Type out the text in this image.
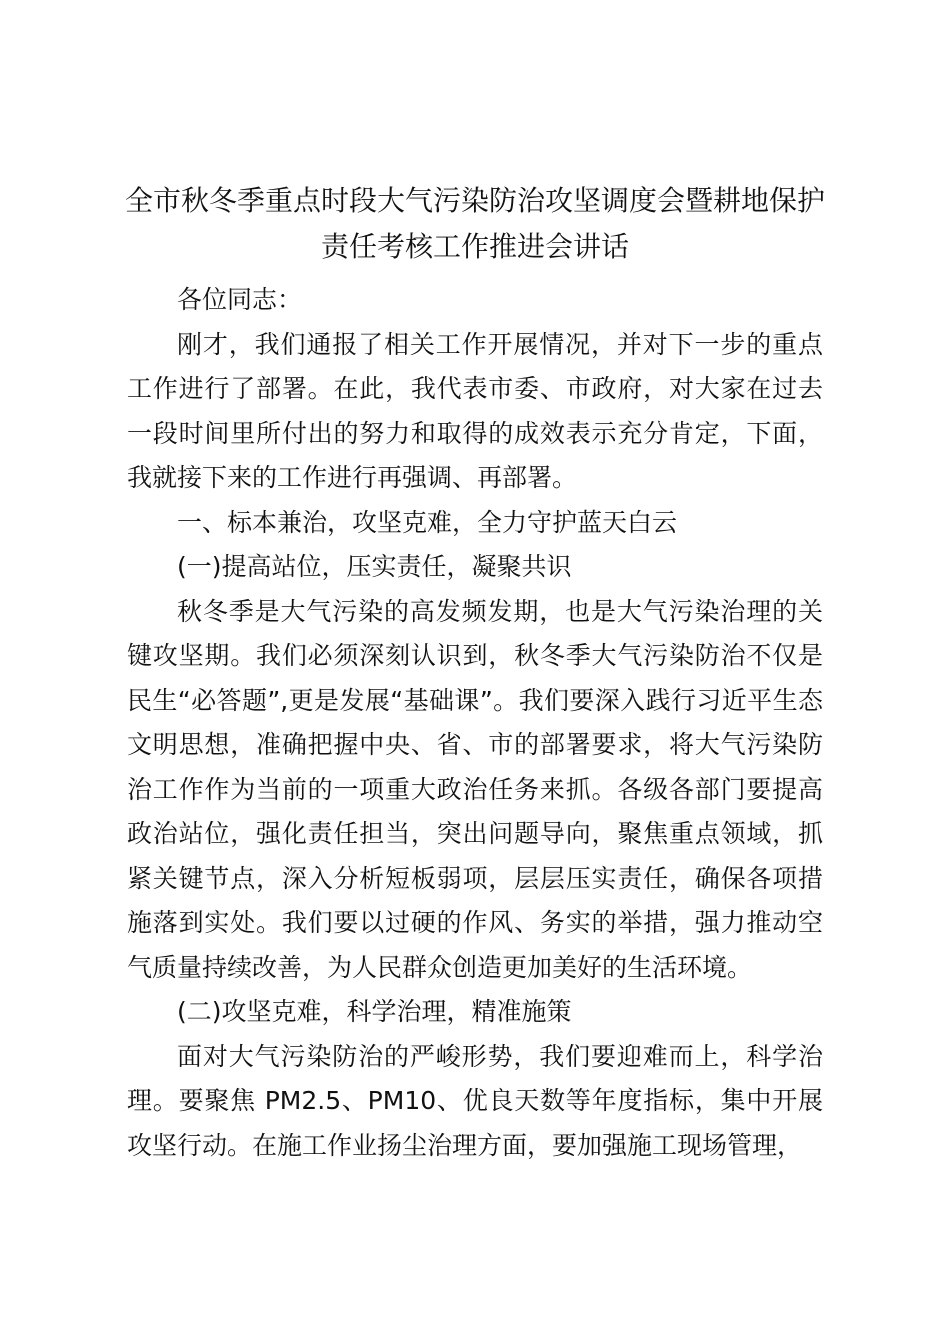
全市秋冬季重点时段大气污染防治攻坚调度会暨耕地保护责任考核工作推进会讲话

各位同志：

刚才，我们通报了相关工作开展情况，并对下一步的重点工作进行了部署。在此，我代表市委、市政府，对大家在过去一段时间里所付出的努力和取得的成效表示充分肯定，下面，我就接下来的工作进行再强调、再部署。

一、标本兼治，攻坚克难，全力守护蓝天白云

(一)提高站位，压实责任，凝聚共识

秋冬季是大气污染的高发频发期，也是大气污染治理的关键攻坚期。我们必须深刻认识到，秋冬季大气污染防治不仅是民生“必答题”,更是发展“基础课”。我们要深入践行习近平生态文明思想，准确把握中央、省、市的部署要求，将大气污染防治工作作为当前的一项重大政治任务来抓。各级各部门要提高政治站位，强化责任担当，突出问题导向，聚焦重点领域，抓紧关键节点，深入分析短板弱项，层层压实责任，确保各项措施落到实处。我们要以过硬的作风、务实的举措，强力推动空气质量持续改善，为人民群众创造更加美好的生活环境。

(二)攻坚克难，科学治理，精准施策

面对大气污染防治的严峻形势，我们要迎难而上，科学治理。要聚焦 PM2.5、PM10、优良天数等年度指标，集中开展攻坚行动。在施工作业扬尘治理方面，要加强施工现场管理，
